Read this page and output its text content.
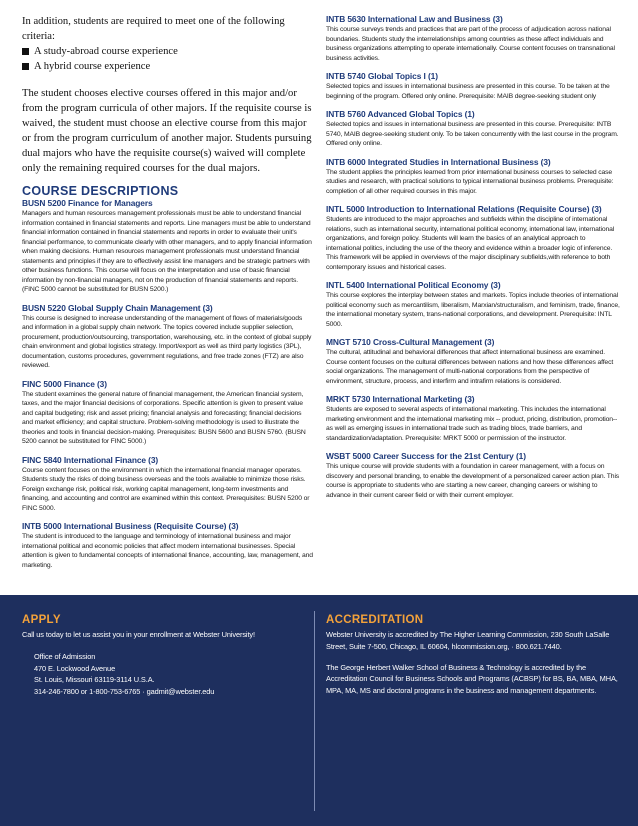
In addition, students are required to meet one of the following criteria:

A study-abroad course experience
A hybrid course experience

The student chooses elective courses offered in this major and/or from the program curricula of other majors. If the requisite course is waived, the student must choose an elective course from this major or from the program curriculum of another major. Students pursuing dual majors who have the requisite course(s) waived will complete only the remaining required courses for the dual majors.

COURSE DESCRIPTIONS
BUSN 5200 Finance for Managers
Managers and human resources management professionals must be able to understand financial information contained in financial statements and reports. Line managers must be able to understand financial information contained in financial statements and reports in order to evaluate their unit's financial performance, to communicate clearly with other managers, and to apply financial information when making decisions. Human resources management professionals must understand financial statements and principles if they are to effectively assist line managers and be strategic partners with other business functions. This course will focus on the interpretation and use of basic financial information by non-financial managers, not on the production of financial statements and reports. (FINC 5000 cannot be substituted for BUSN 5200.)
BUSN 5220 Global Supply Chain Management (3)
This course is designed to increase understanding of the management of flows of materials/goods and information in a global supply chain network. The topics covered include supplier selection, procurement, production/outsourcing, transportation, warehousing, etc. in the context of global supply chain environment and global logistics strategy. Import/export as well as third party logistics (3PL), documentation, customs procedures, government regulations, and free trade zones (FTZ) are also reviewed.
FINC 5000 Finance (3)
The student examines the general nature of financial management, the American financial system, taxes, and the major financial decisions of corporations. Specific attention is given to present value and capital budgeting; risk and asset pricing; financial analysis and forecasting; financial decisions and market efficiency; and capital structure. Problem-solving methodology is used to illustrate the theories and tools in financial decision-making. Prerequisites: BUSN 5600 and BUSN 5760. (BUSN 5200 cannot be substituted for FINC 5000.)
FINC 5840 International Finance (3)
Course content focuses on the environment in which the international financial manager operates. Students study the risks of doing business overseas and the tools available to minimize those risks. Foreign exchange risk, political risk, working capital management, long-term investments and financing, and accounting and control are examined within this context. Prerequisites: BUSN 5200 or FINC 5000.
INTB 5000 International Business (Requisite Course) (3)
The student is introduced to the language and terminology of international business and major international political and economic policies that affect modern international businesses. Special attention is given to fundamental concepts of international finance, accounting, law, management, and marketing.
INTB 5630 International Law and Business (3)
This course surveys trends and practices that are part of the process of adjudication across national boundaries. Students study the interrelationships among countries as these affect individuals and business organizations attempting to operate internationally. Course content focuses on transnational business activities.
INTB 5740 Global Topics I (1)
Selected topics and issues in international business are presented in this course. To be taken at the beginning of the program. Offered only online. Prerequisite: MAIB degree-seeking student only
INTB 5760 Advanced Global Topics (1)
Selected topics and issues in international business are presented in this course. Prerequisite: INTB 5740, MAIB degree-seeking student only. To be taken concurrently with the last course in the program. Offered only online.
INTB 6000 Integrated Studies in International Business (3)
The student applies the principles learned from prior international business courses to selected case studies and research, with practical solutions to typical international business problems. Prerequisite: completion of all other required courses in this major.
INTL 5000 Introduction to International Relations (Requisite Course) (3)
Students are introduced to the major approaches and subfields within the discipline of international relations, such as international security, international political economy, international law, international organizations, and foreign policy. Students will learn the basics of an analytical approach to international politics, including the use of the theory and evidence within a broader logic of inference. This framework will be applied in overviews of the major disciplinary subfields,with reference to both contemporary issues and historical cases.
INTL 5400 International Political Economy (3)
This course explores the interplay between states and markets. Topics include theories of international political economy such as mercantilism, liberalism, Marxian/structuralism, and feminism, trade, finance, the international monetary system, trans-national corporations, and development. Prerequisite: INTL 5000.
MNGT 5710 Cross-Cultural Management (3)
The cultural, attitudinal and behavioral differences that affect international business are examined. Course content focuses on the cultural differences between nations and how these differences affect social organizations. The management of multi-national corporations from the perspective of environment, structure, process, and interfirm and intrafirm relations is considered.
MRKT 5730 International Marketing (3)
Students are exposed to several aspects of international marketing. This includes the international marketing environment and the international marketing mix -- product, pricing, distribution, promotion--as well as emerging issues in international trade such as trading blocs, trade barriers, and standardization/adaptation. Prerequisite: MRKT 5000 or permission of the instructor.
WSBT 5000 Career Success for the 21st Century (1)
This unique course will provide students with a foundation in career management, with a focus on discovery and personal branding, to enable the development of a personalized career action plan. This course is appropriate to students who are starting a new career, changing careers or wishing to advance in their current career field or with their current employer.
APPLY

Call us today to let us assist you in your enrollment at Webster University!

Office of Admission

470 E. Lockwood Avenue

St. Louis, Missouri 63119-3114 U.S.A.

314-246-7800 or 1-800-753-6765 · gadmit@webster.edu

ACCREDITATION

Webster University is accredited by The Higher Learning Commission, 230 South LaSalle Street, Suite 7-500, Chicago, IL 60604, hlcommission.org, · 800.621.7440.

The George Herbert Walker School of Business & Technology is accredited by the Accreditation Council for Business Schools and Programs (ACBSP) for BS, BA, MBA, MHA, MPA, MA, MS and doctoral programs in the business and management departments.
